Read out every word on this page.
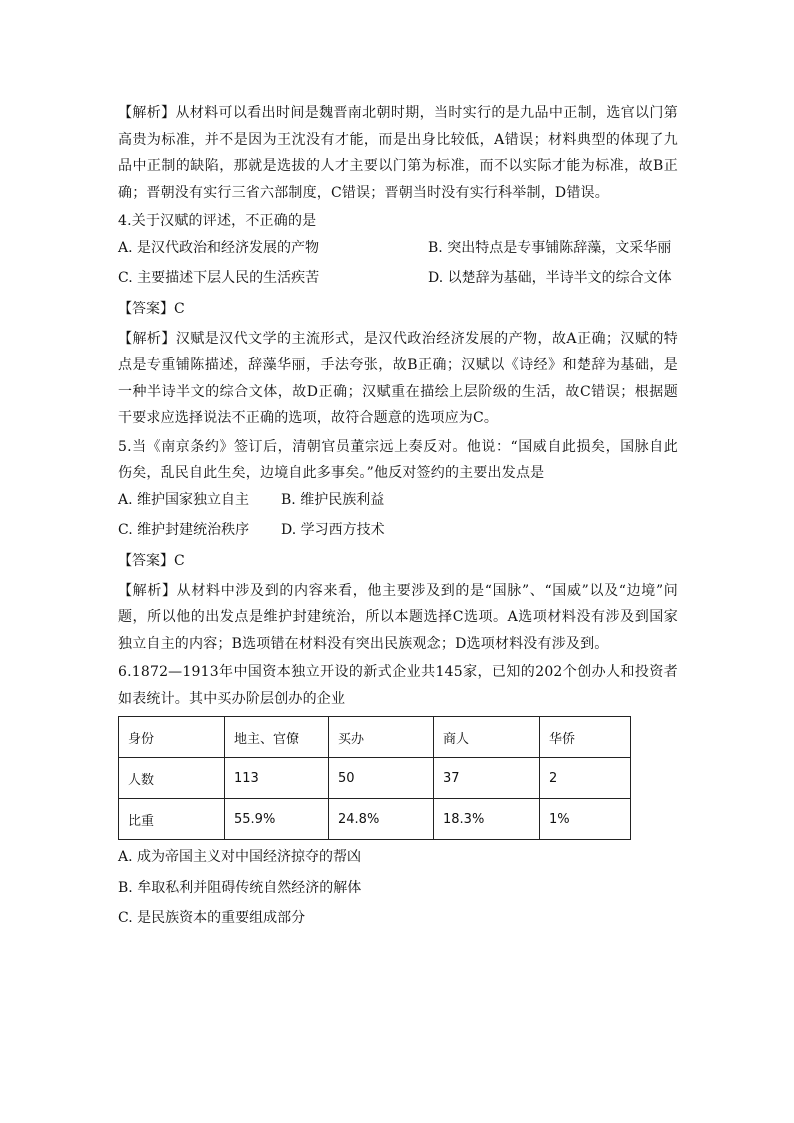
【解析】从材料可以看出时间是魏晋南北朝时期，当时实行的是九品中正制，选官以门第高贵为标准，并不是因为王沈没有才能，而是出身比较低，A错误；材料典型的体现了九品中正制的缺陷，那就是选拔的人才主要以门第为标准，而不以实际才能为标准，故B正确；晋朝没有实行三省六部制度，C错误；晋朝当时没有实行科举制，D错误。

4.关于汉赋的评述，不正确的是

A. 是汉代政治和经济发展的产物	B. 突出特点是专事铺陈辞藻，文采华丽
C. 主要描述下层人民的生活疾苦	D. 以楚辞为基础，半诗半文的综合文体

【答案】C

【解析】汉赋是汉代文学的主流形式，是汉代政治经济发展的产物，故A正确；汉赋的特点是专重铺陈描述，辞藻华丽，手法夸张，故B正确；汉赋以《诗经》和楚辞为基础，是一种半诗半文的综合文体，故D正确；汉赋重在描绘上层阶级的生活，故C错误；根据题干要求应选择说法不正确的选项，故符合题意的选项应为C。

5.当《南京条约》签订后，清朝官员董宗远上奏反对。他说：“国威自此损矣，国脉自此伤矣，乱民自此生矣，边境自此多事矣。”他反对签约的主要出发点是

A. 维护国家独立自主	B. 维护民族利益
C. 维护封建统治秩序	D. 学习西方技术

【答案】C

【解析】从材料中涉及到的内容来看，他主要涉及到的是“国脉”、“国威”以及“边境”问题，所以他的出发点是维护封建统治，所以本题选择C选项。A选项材料没有涉及到国家独立自主的内容；B选项错在材料没有突出民族观念；D选项材料没有涉及到。

6.1872—1913年中国资本独立开设的新式企业共145家，已知的202个创办人和投资者如表统计。其中买办阶层创办的企业

身份	地主、官僚	买办	商人	华侨
人数	113	50	37	2
比重	55.9%	24.8%	18.3%	1%

A. 成为帝国主义对中国经济掠夺的帮凶

B. 牟取私利并阻碍传统自然经济的解体

C. 是民族资本的重要组成部分
